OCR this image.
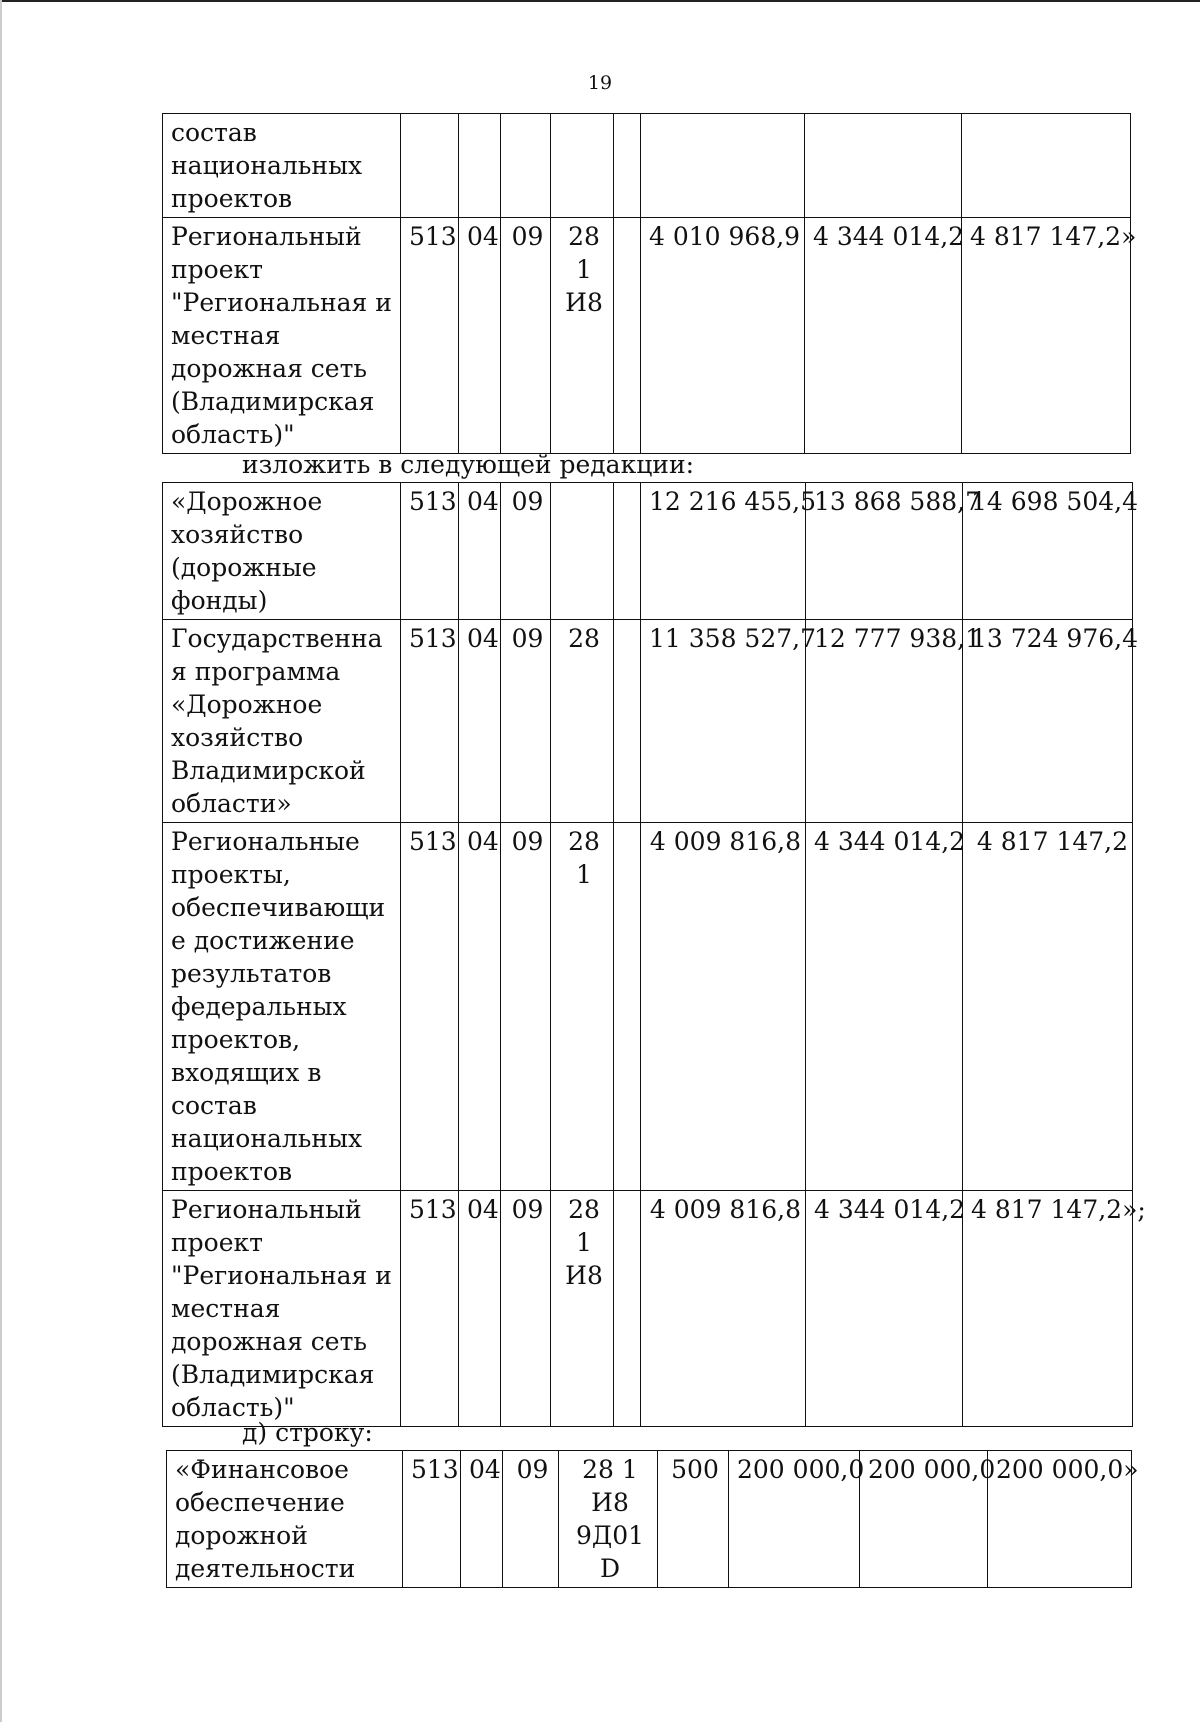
19
состав национальных проектов								
Региональный проект "Региональная и местная дорожная сеть (Владимирская область)"	513	04	09	28 1 И8		4 010 968,9	4 344 014,2	4 817 147,2»
изложить в следующей редакции:
«Дорожное хозяйство (дорожные фонды)	513	04	09			12 216 455,5	13 868 588,7	14 698 504,4
Государственная программа «Дорожное хозяйство Владимирской области»	513	04	09	28		11 358 527,7	12 777 938,1	13 724 976,4
Региональные проекты, обеспечивающие достижение результатов федеральных проектов, входящих в состав национальных проектов	513	04	09	28 1		4 009 816,8	4 344 014,2	4 817 147,2
Региональный проект "Региональная и местная дорожная сеть (Владимирская область)"	513	04	09	28 1 И8		4 009 816,8	4 344 014,2	4 817 147,2»;
д) строку:
«Финансовое обеспечение дорожной деятельности	513	04	09	28 1 И8 9Д01D	500	200 000,0	200 000,0	200 000,0»
